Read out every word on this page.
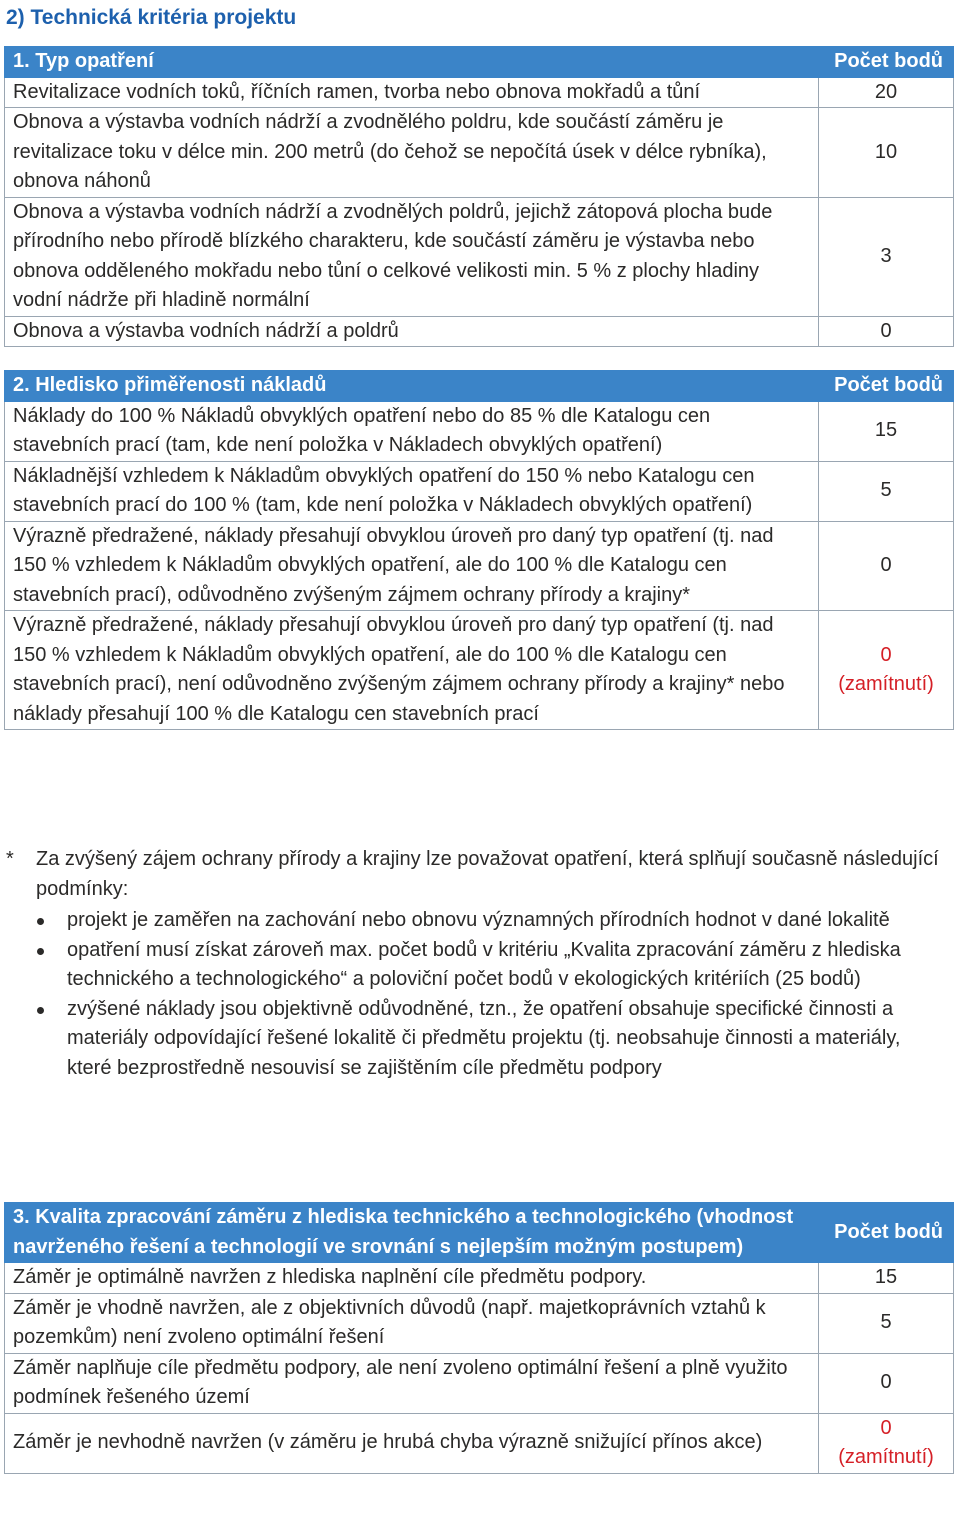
2) Technická kritéria projektu
1. Typ opatření	Počet bodů
Revitalizace vodních toků, říčních ramen, tvorba nebo obnova mokřadů a tůní	20
Obnova a výstavba vodních nádrží a zvodnělého poldru, kde součástí záměru je revitalizace toku v délce min. 200 metrů (do čehož se nepočítá úsek v délce rybníka), obnova náhonů	10
Obnova a výstavba vodních nádrží a zvodnělých poldrů, jejichž zátopová plocha bude přírodního nebo přírodě blízkého charakteru, kde součástí záměru je výstavba nebo obnova odděleného mokřadu nebo tůní o celkové velikosti min. 5 % z plochy hladiny vodní nádrže při hladině normální	3
Obnova a výstavba vodních nádrží a poldrů	0
2. Hledisko přiměřenosti nákladů	Počet bodů
Náklady do 100 % Nákladů obvyklých opatření nebo do 85 % dle Katalogu cen stavebních prací (tam, kde není položka v Nákladech obvyklých opatření)	15
Nákladnější vzhledem k Nákladům obvyklých opatření do 150 % nebo Katalogu cen stavebních prací do 100 % (tam, kde není položka v Nákladech obvyklých opatření)	5
Výrazně předražené, náklady přesahují obvyklou úroveň pro daný typ opatření (tj. nad 150 % vzhledem k Nákladům obvyklých opatření, ale do 100 % dle Katalogu cen stavebních prací), odůvodněno zvýšeným zájmem ochrany přírody a krajiny*	0
Výrazně předražené, náklady přesahují obvyklou úroveň pro daný typ opatření (tj. nad 150 % vzhledem k Nákladům obvyklých opatření, ale do 100 % dle Katalogu cen stavebních prací), není odůvodněno zvýšeným zájmem ochrany přírody a krajiny* nebo náklady přesahují 100 % dle Katalogu cen stavebních prací	0
(zamítnutí)
* Za zvýšený zájem ochrany přírody a krajiny lze považovat opatření, která splňují současně následující podmínky:
projekt je zaměřen na zachování nebo obnovu významných přírodních hodnot v dané lokalitě
opatření musí získat zároveň max. počet bodů v kritériu „Kvalita zpracování záměru z hlediska technického a technologického“ a poloviční počet bodů v ekologických kritériích (25 bodů)
zvýšené náklady jsou objektivně odůvodněné, tzn., že opatření obsahuje specifické činnosti a materiály odpovídající řešené lokalitě či předmětu projektu (tj. neobsahuje činnosti a materiály, které bezprostředně nesouvisí se zajištěním cíle předmětu podpory
3. Kvalita zpracování záměru z hlediska technického a technologického (vhodnost navrženého řešení a technologií ve srovnání s nejlepším možným postupem)	Počet bodů
Záměr je optimálně navržen z hlediska naplnění cíle předmětu podpory.	15
Záměr je vhodně navržen, ale z objektivních důvodů (např. majetkoprávních vztahů k pozemkům) není zvoleno optimální řešení	5
Záměr naplňuje cíle předmětu podpory, ale není zvoleno optimální řešení a plně využito podmínek řešeného území	0
Záměr je nevhodně navržen (v záměru je hrubá chyba výrazně snižující přínos akce)	0
(zamítnutí)
